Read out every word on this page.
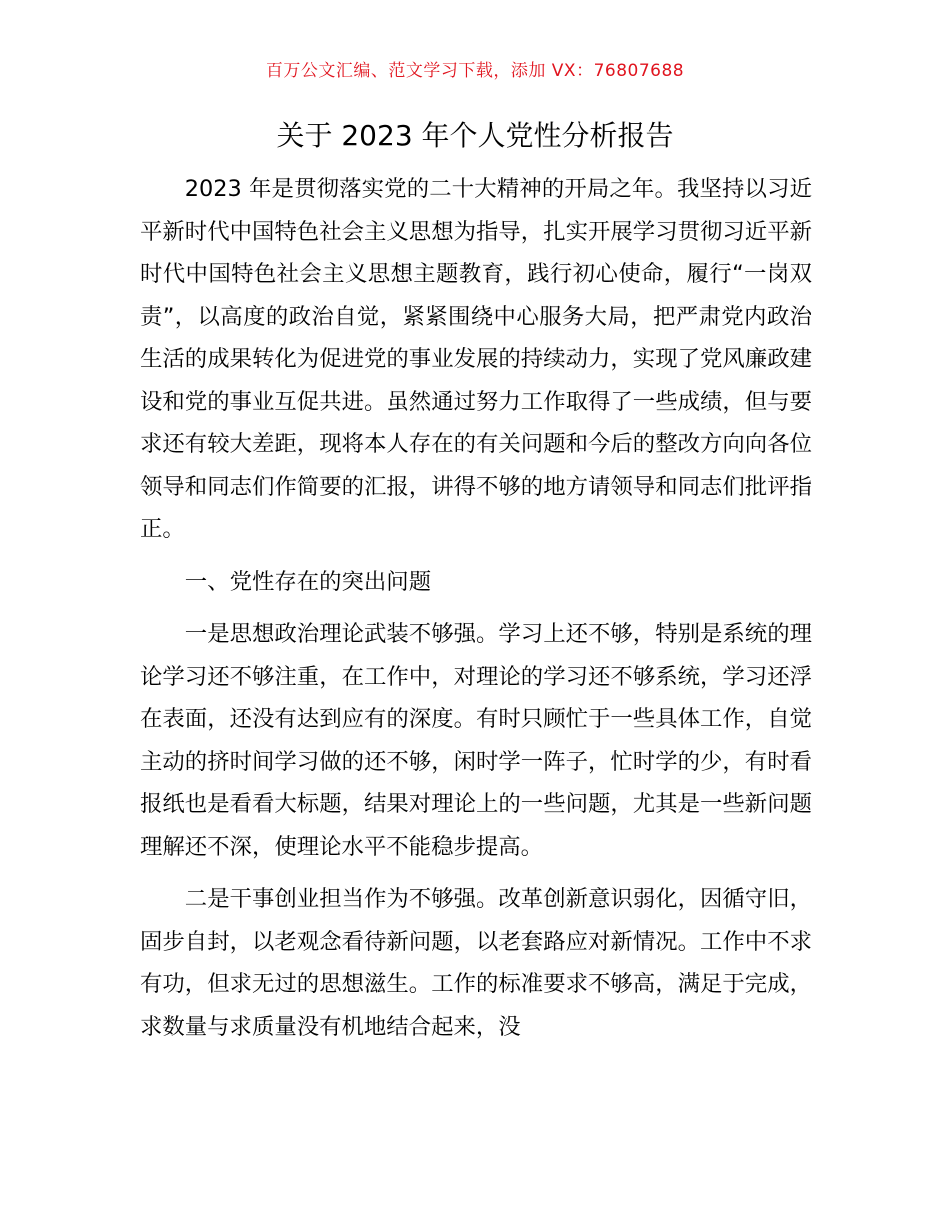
百万公文汇编、范文学习下载，添加 VX：76807688
关于 2023 年个人党性分析报告

2023 年是贯彻落实党的二十大精神的开局之年。我坚持以习近平新时代中国特色社会主义思想为指导，扎实开展学习贯彻习近平新时代中国特色社会主义思想主题教育，践行初心使命，履行“一岗双责”，以高度的政治自觉，紧紧围绕中心服务大局，把严肃党内政治生活的成果转化为促进党的事业发展的持续动力，实现了党风廉政建设和党的事业互促共进。虽然通过努力工作取得了一些成绩，但与要求还有较大差距，现将本人存在的有关问题和今后的整改方向向各位领导和同志们作简要的汇报，讲得不够的地方请领导和同志们批评指正。

一、党性存在的突出问题

一是思想政治理论武装不够强。学习上还不够，特别是系统的理论学习还不够注重，在工作中，对理论的学习还不够系统，学习还浮在表面，还没有达到应有的深度。有时只顾忙于一些具体工作，自觉主动的挤时间学习做的还不够，闲时学一阵子，忙时学的少，有时看报纸也是看看大标题，结果对理论上的一些问题，尤其是一些新问题理解还不深，使理论水平不能稳步提高。

二是干事创业担当作为不够强。改革创新意识弱化，因循守旧，固步自封，以老观念看待新问题，以老套路应对新情况。工作中不求有功，但求无过的思想滋生。工作的标准要求不够高，满足于完成，求数量与求质量没有机地结合起来，没
